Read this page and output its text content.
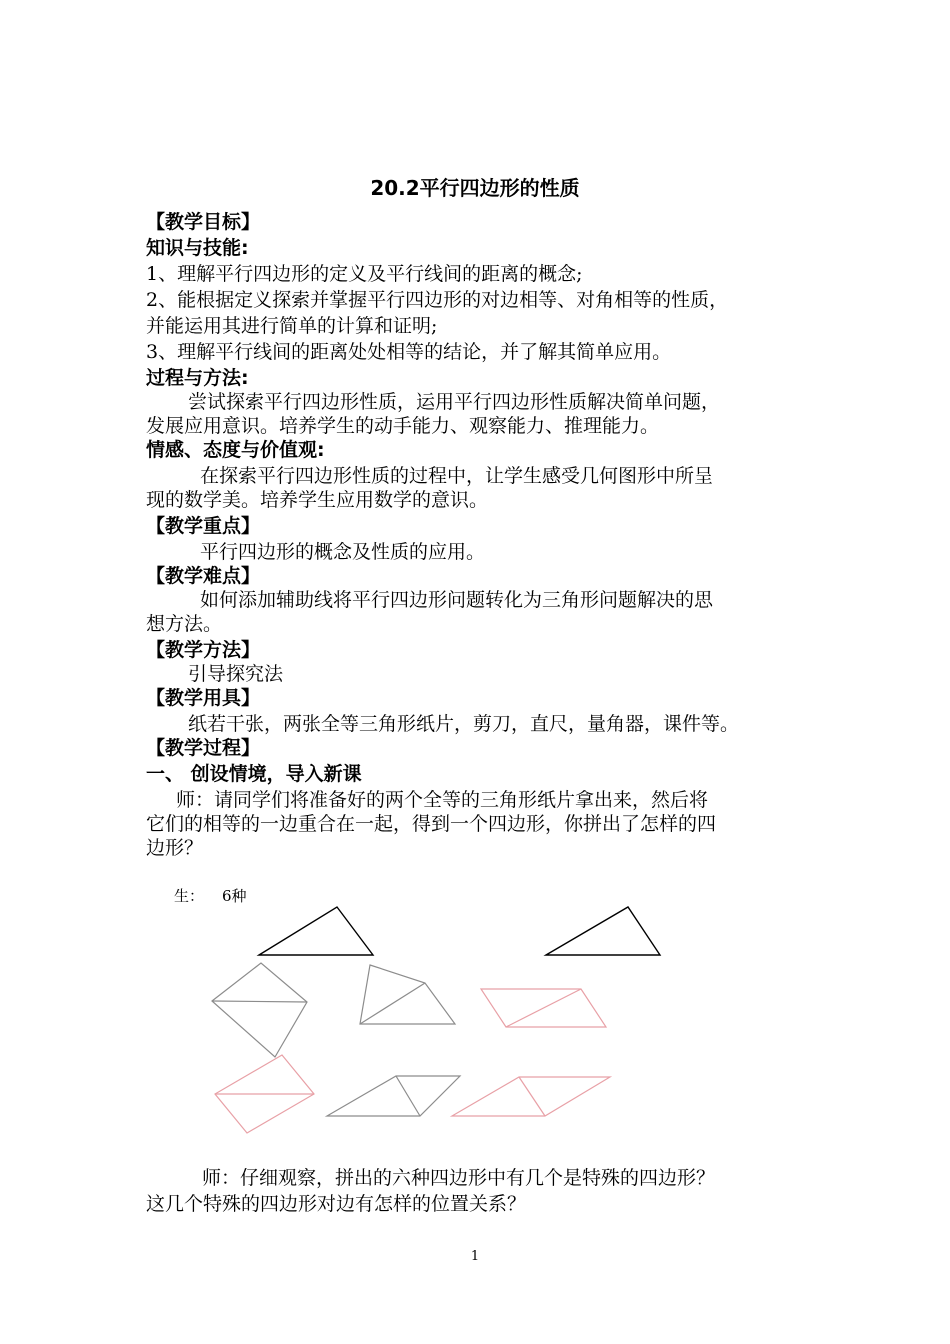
20.2平行四边形的性质
【教学目标】
知识与技能:
1、理解平行四边形的定义及平行线间的距离的概念;
2、能根据定义探索并掌握平行四边形的对边相等、对角相等的性质，
并能运用其进行简单的计算和证明;
3、理解平行线间的距离处处相等的结论，并了解其简单应用。
过程与方法:
尝试探索平行四边形性质，运用平行四边形性质解决简单问题，
发展应用意识。培养学生的动手能力、观察能力、推理能力。
情感、态度与价值观:
在探索平行四边形性质的过程中，让学生感受几何图形中所呈
现的数学美。培养学生应用数学的意识。
【教学重点】
平行四边形的概念及性质的应用。
【教学难点】
如何添加辅助线将平行四边形问题转化为三角形问题解决的思
想方法。
【教学方法】
引导探究法
【教学用具】
纸若干张，两张全等三角形纸片，剪刀，直尺，量角器，课件等。
【教学过程】
一、 创设情境，导入新课
师：请同学们将准备好的两个全等的三角形纸片拿出来，然后将
它们的相等的一边重合在一起，得到一个四边形，你拼出了怎样的四
边形？
生： 6种
师：仔细观察，拼出的六种四边形中有几个是特殊的四边形？
这几个特殊的四边形对边有怎样的位置关系？
1
